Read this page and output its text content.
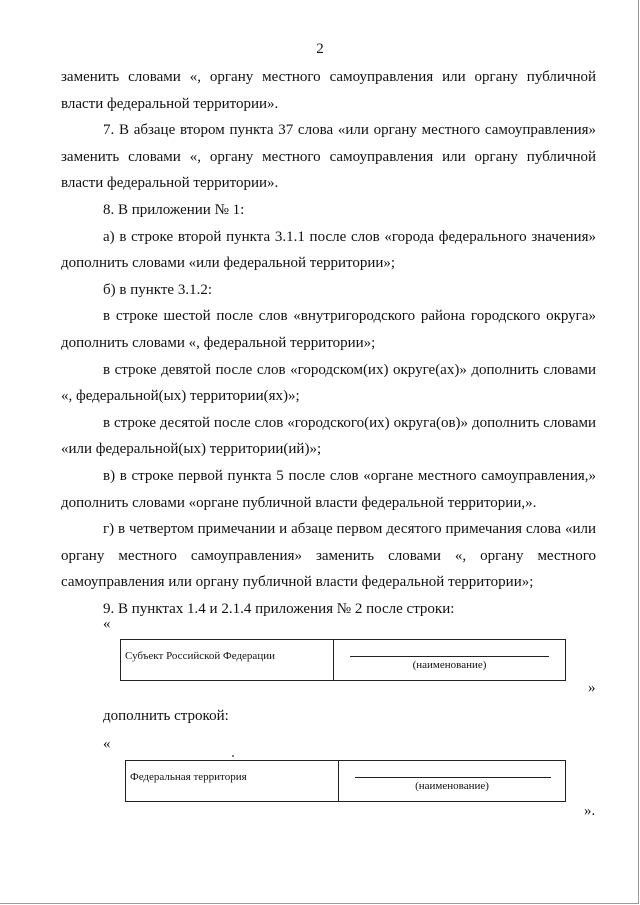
2

заменить словами «, органу местного самоуправления или органу публичной власти федеральной территории».

7. В абзаце втором пункта 37 слова «или органу местного самоуправления» заменить словами «, органу местного самоуправления или органу публичной власти федеральной территории».

8. В приложении № 1:

а) в строке второй пункта 3.1.1 после слов «города федерального значения» дополнить словами «или федеральной территории»;

б) в пункте 3.1.2:

в строке шестой после слов «внутригородского района городского округа» дополнить словами «, федеральной территории»;

в строке девятой после слов «городском(их) округе(ах)» дополнить словами «, федеральной(ых) территории(ях)»;

в строке десятой после слов «городского(их) округа(ов)» дополнить словами «или федеральной(ых) территории(ий)»;

в) в строке первой пункта 5 после слов «органе местного самоуправления,» дополнить словами «органе публичной власти федеральной территории,».

г) в четвертом примечании и абзаце первом десятого примечания слова «или органу местного самоуправления» заменить словами «, органу местного самоуправления или органу публичной власти федеральной территории»;

9. В пунктах 1.4 и 2.1.4 приложения № 2 после строки:

«
Субъект Российской Федерации
(наименование)
»
дополнить строкой:
«
Федеральная территория
(наименование)
».
